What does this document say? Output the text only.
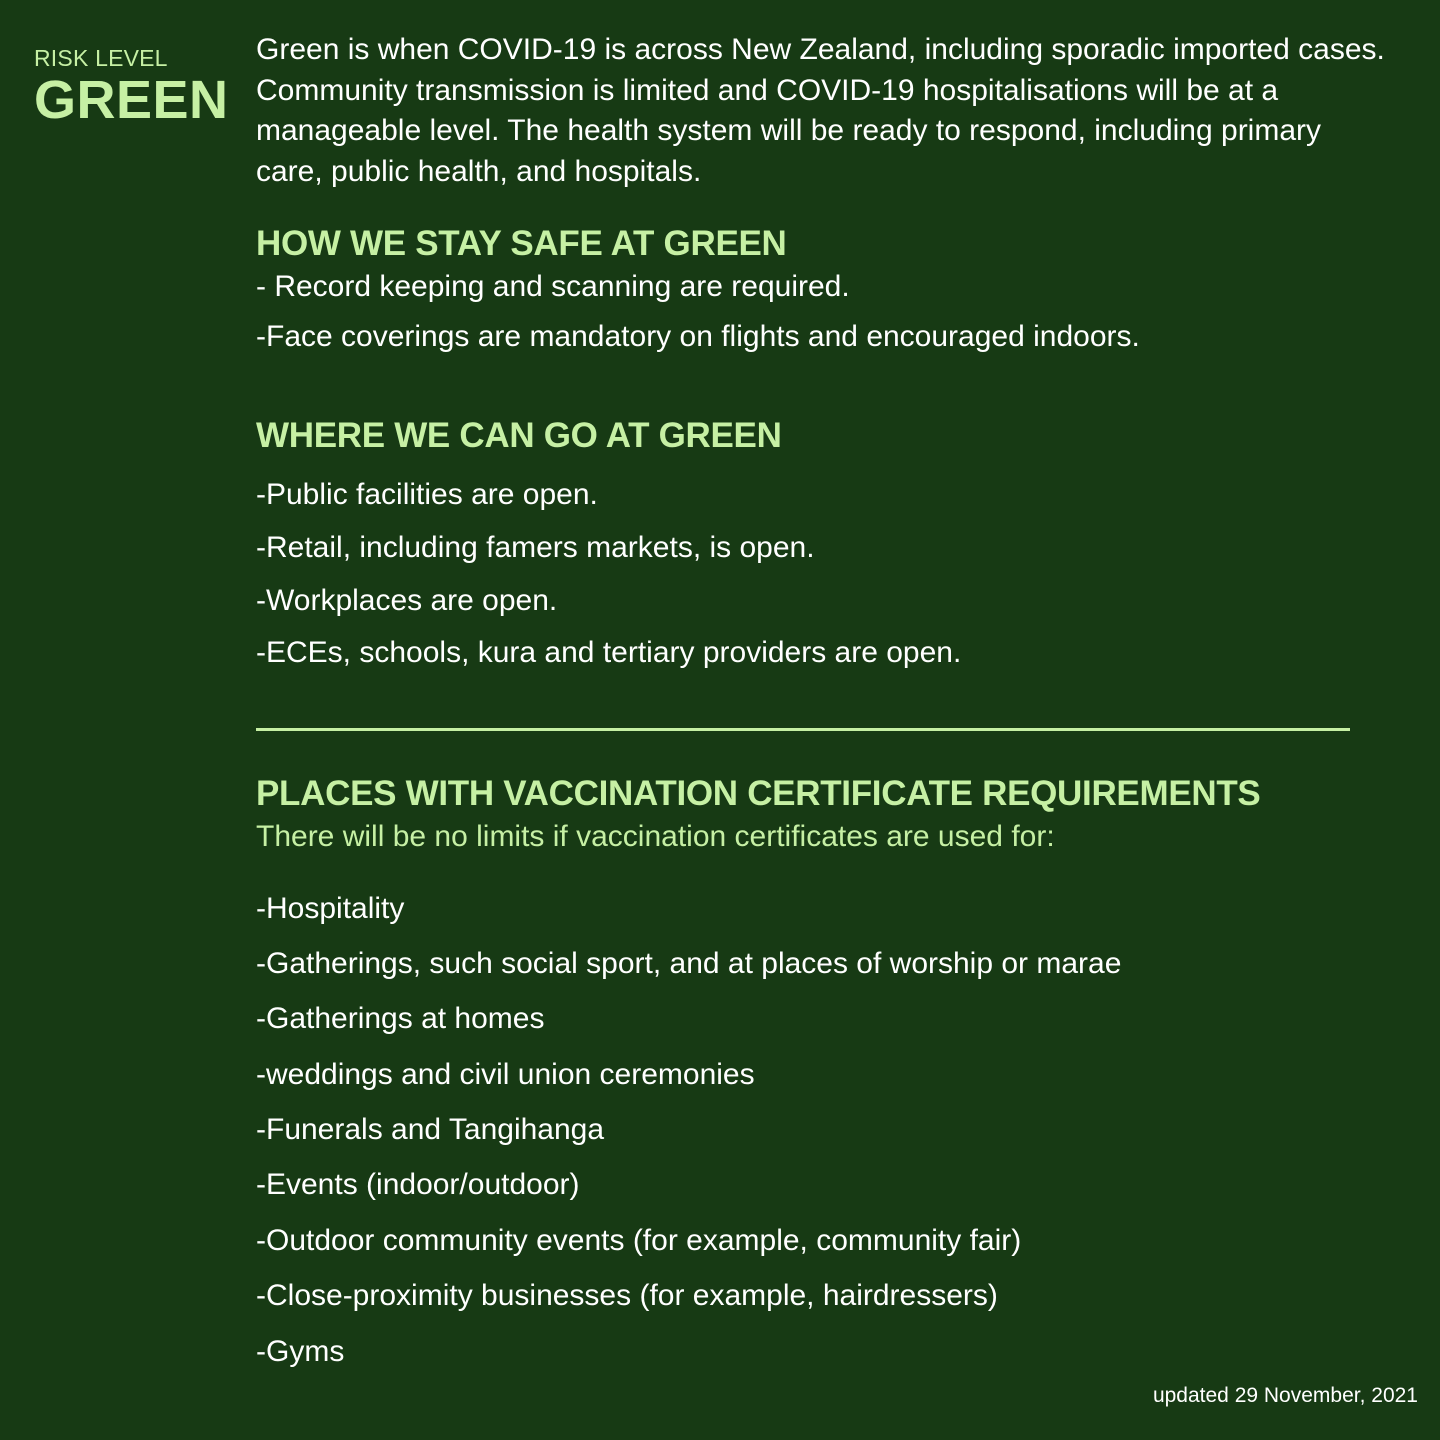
RISK LEVEL
GREEN

Green is when COVID-19 is across New Zealand, including sporadic imported cases. Community transmission is limited and COVID-19 hospitalisations will be at a manageable level. The health system will be ready to respond, including primary care, public health, and hospitals.

HOW WE STAY SAFE AT GREEN

- Record keeping and scanning are required.

-Face coverings are mandatory on flights and encouraged indoors.

WHERE WE CAN GO AT GREEN

-Public facilities are open.

-Retail, including famers markets, is open.

-Workplaces are open.

-ECEs, schools, kura and tertiary providers are open.

PLACES WITH VACCINATION CERTIFICATE REQUIREMENTS

There will be no limits if vaccination certificates are used for:

-Hospitality

-Gatherings, such social sport, and at places of worship or marae

-Gatherings at homes

-weddings and civil union ceremonies

-Funerals and Tangihanga

-Events (indoor/outdoor)

-Outdoor community events (for example, community fair)

-Close-proximity businesses (for example, hairdressers)

-Gyms

updated 29 November, 2021
